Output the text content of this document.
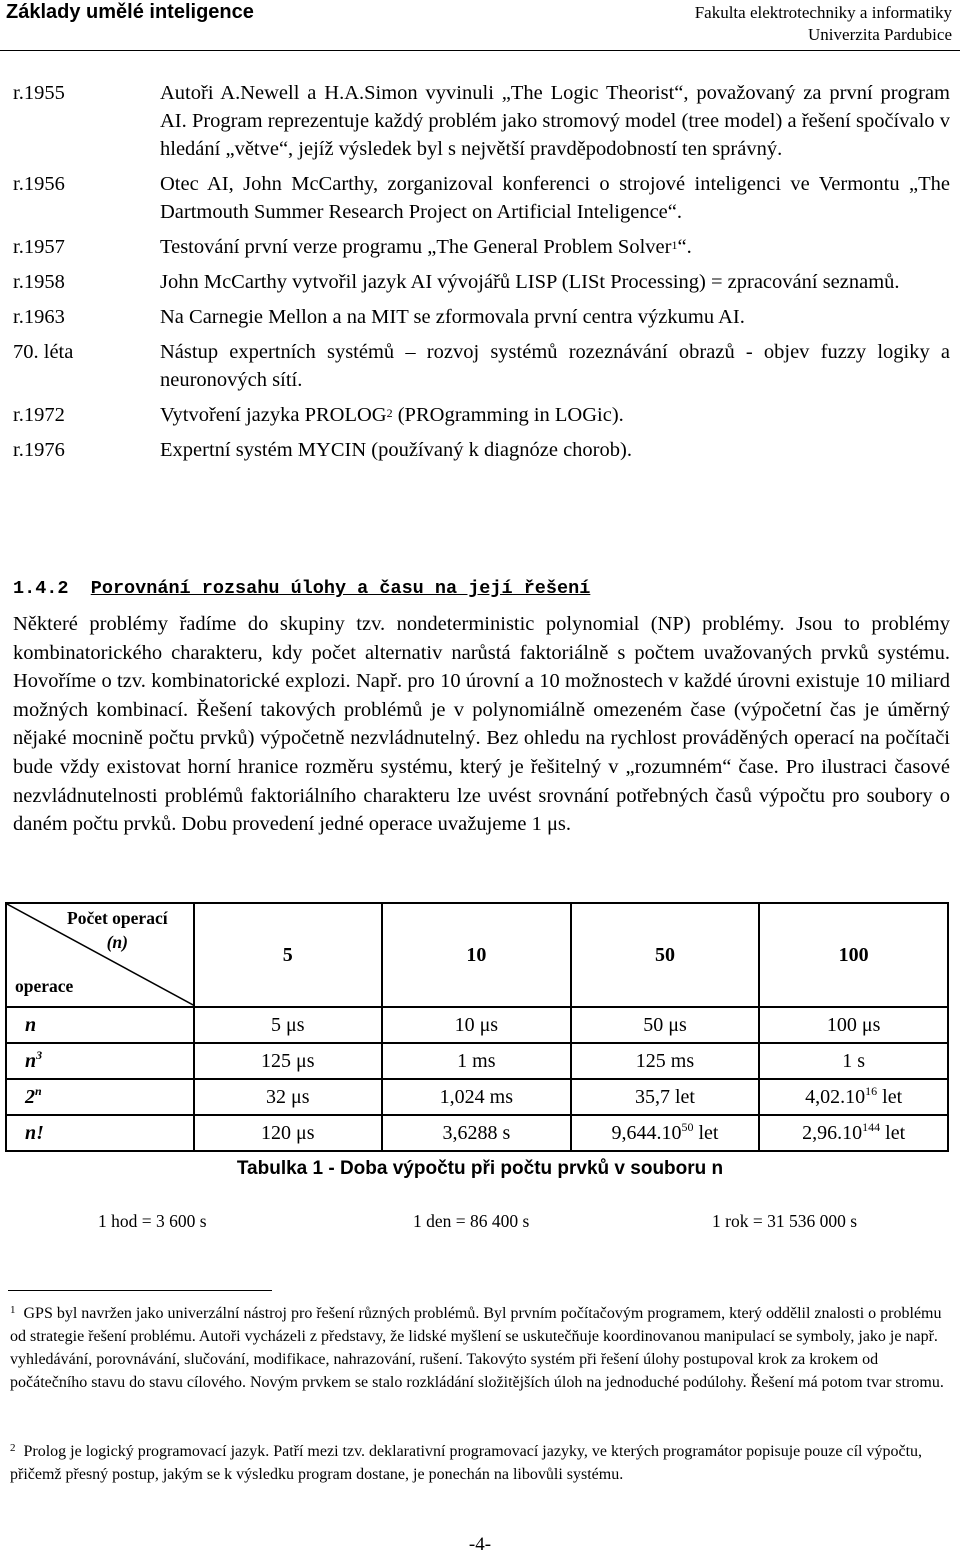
Základy umělé inteligence	Fakulta elektrotechniky a informatiky
Univerzita Pardubice
r.1955	Autoři A.Newell a H.A.Simon vyvinuli „The Logic Theorist“, považovaný za první program AI. Program reprezentuje každý problém jako stromový model (tree model) a řešení spočívalo v hledání „větve“, jejíž výsledek byl s největší pravděpodobností ten správný.
r.1956	Otec AI, John McCarthy, zorganizoval konferenci o strojové inteligenci ve Vermontu „The Dartmouth Summer Research Project on Artificial Inteligence“.
r.1957	Testování první verze programu „The General Problem Solver$^1$“.
r.1958	John McCarthy vytvořil jazyk AI vývojářů LISP (LISt Processing) = zpracování seznamů.
r.1963	Na Carnegie Mellon a na MIT se zformovala první centra výzkumu AI.
70. léta	Nástup expertních systémů – rozvoj systémů rozeznávání obrazů - objev fuzzy logiky a neuronových sítí.
r.1972	Vytvoření jazyka PROLOG$^2$ (PROgramming in LOGic).
r.1976	Expertní systém MYCIN (používaný k diagnóze chorob).
1.4.2 Porovnání rozsahu úlohy a času na její řešení
Některé problémy řadíme do skupiny tzv. nondeterministic polynomial (NP) problémy. Jsou to problémy kombinatorického charakteru, kdy počet alternativ narůstá faktoriálně s počtem uvažovaných prvků systému. Hovoříme o tzv. kombinatorické explozi. Např. pro 10 úrovní a 10 možnostech v každé úrovni existuje 10 miliard možných kombinací. Řešení takových problémů je v polynomiálně omezeném čase (výpočetní čas je úměrný nějaké mocnině počtu prvků) výpočetně nezvládnutelný. Bez ohledu na rychlost prováděných operací na počítači bude vždy existovat horní hranice rozměru systému, který je řešitelný v „rozumném“ čase. Pro ilustraci časové nezvládnutelnosti problémů faktoriálního charakteru lze uvést srovnání potřebných časů výpočtu pro soubory o daném počtu prvků. Dobu provedení jedné operace uvažujeme 1 μs.
Počet operací
(n)
operace	5	10	50	100
n	5 μs	10 μs	50 μs	100 μs
$n^3$	125 μs	1 ms	125 ms	1 s
2$^n$	32 μs	1,024 ms	35,7 let	4,02.10$^{16}$ let
n!	120 μs	3,6288 s	9,644.10$^{50}$ let	2,96.10$^{144}$ let
Tabulka 1 - Doba výpočtu při počtu prvků v souboru n
1 hod = 3 600 s	1 den = 86 400 s	1 rok = 31 536 000 s
$^1$ GPS byl navržen jako univerzální nástroj pro řešení různých problémů. Byl prvním počítačovým programem, který oddělil znalosti o problému od strategie řešení problému. Autoři vycházeli z představy, že lidské myšlení se uskutečňuje koordinovanou manipulací se symboly, jako je např. vyhledávání, porovnávání, slučování, modifikace, nahrazování, rušení. Takovýto systém při řešení úlohy postupoval krok za krokem od počátečního stavu do stavu cílového. Novým prvkem se stalo rozkládání složitějších úloh na jednoduché podúlohy. Řešení má potom tvar stromu.
$^2$ Prolog je logický programovací jazyk. Patří mezi tzv. deklarativní programovací jazyky, ve kterých programátor popisuje pouze cíl výpočtu, přičemž přesný postup, jakým se k výsledku program dostane, je ponechán na libovůli systému.
-4-
